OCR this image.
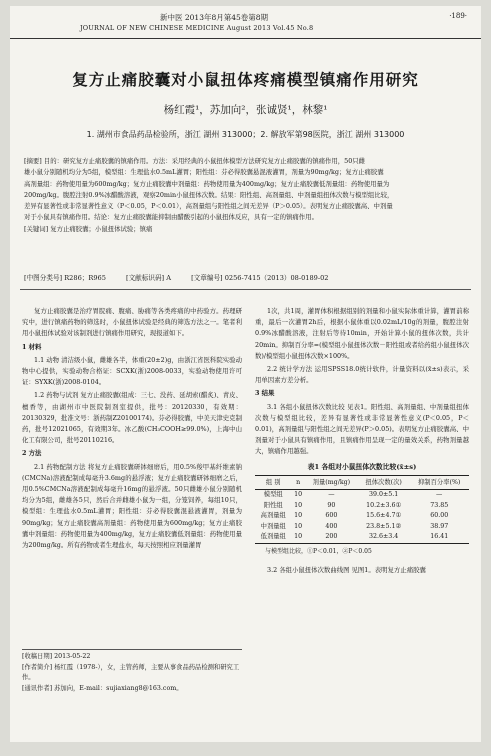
新中医 2013年8月第45卷第8期
JOURNAL OF NEW CHINESE MEDICINE August 2013 Vol.45 No.8
·189·
复方止痛胶囊对小鼠扭体疼痛模型镇痛作用研究
杨红霞¹，苏加向²，张诚贤¹，林黎¹
1. 湖州市食品药品检验所，浙江 湖州 313000；2. 解放军第98医院，浙江 湖州 313000
[摘要] 目的：研究复方止痛胶囊的镇痛作用。方法：采用经典的小鼠扭体模型方法研究复方止痛胶囊的镇痛作用，50只雌
雄小鼠分别随机均分为5组，模型组：生理盐水0.5mL灌胃；阳性组：芬必得胶囊悬混液灌胃，剂量为90mg/kg；复方止痛胶囊
高剂量组：药物使用量为600mg/kg；复方止痛胶囊中剂量组：药物使用量为400mg/kg；复方止痛胶囊低剂量组：药物使用量为
200mg/kg。腹腔注射0.9%冰醋酸溶液，观察20min小鼠扭体次数。结果：阳性组、高剂量组、中剂量组扭体次数与模型组比较，
差异有显著性或非常显著性意义（P＜0.05，P＜0.01），高剂量组与阳性组之间无差异（P＞0.05）。表明复方止痛胶囊高、中剂量
对于小鼠具有镇痛作用。结论：复方止痛胶囊能抑制由醋酸引起的小鼠扭体反应，具有一定的镇痛作用。
[关键词] 复方止痛胶囊；小鼠扭体试验；镇痛
[中图分类号] R286；R965	[文献标识码] A	[文章编号] 0256-7415（2013）08-0189-02

复方止痛胶囊是治疗胃脘痛、腹痛、胁痛等各类疼痛的中药验方。药理研究中，进行镇痛药物的筛选时，小鼠扭体试验是经典的筛选方法之一。笔者利用小鼠扭体试验对该制剂进行镇痛作用研究，现报道如下。

1 材料

1.1 动物 清洁级小鼠，雌雄各半，体重(20±2)g，由浙江省医科院实验动物中心提供，实验动物合格证：SCXK(浙)2008-0033，实验动物使用许可证：SYXK(浙)2008-0104。

1.2 药物与试剂 复方止痛胶囊(组成：三七、没药、延胡索(醋炙)、青皮、檀香等，由湖州市中医院制剂室提供，批号：20120330，有效期：20130329，批准文号：浙药制Z20100174)。芬必得胶囊，中美天津史克制药，批号12021065，有效期3年。冰乙酸(CH₃COOH≥99.0%)，上海中山化工有限公司，批号20110216。

2 方法

2.1 药物配制方法 将复方止痛胶囊研钵细磨后，用0.5%羧甲基纤维素钠(CMCNa)溶液配制成每毫升3.6mg的悬浮液；复方止痛胶囊研钵细磨之后，用0.5%CMCNa溶液配制成每毫升16mg的悬浮液。50只雌雄小鼠分别随机均分为5组，雌雄各5只，然后合并雌雄小鼠为一组，分笼饲养，每组10只，模型组：生理盐水0.5mL灌胃；阳性组：芬必得胶囊混悬液灌胃，剂量为90mg/kg；复方止痛胶囊高剂量组：药物使用量为600mg/kg；复方止痛胶囊中剂量组：药物使用量为400mg/kg，复方止痛胶囊低剂量组：药物使用量为200mg/kg。所有药物或者生理盐水，每天按照相应剂量灌胃

[收稿日期] 2013-05-22
[作者简介] 杨红霞（1978-），女，主管药师，主要从事食品药品检测和研究工作。
[通讯作者] 苏加向，E-mail：sujiaxiang8@163.com。

1次，共1周，灌胃体积根据组别的剂量和小鼠实际体重计算，灌胃前称重，最后一次灌胃2h后，根据小鼠体重以0.02mL/10g的剂量，腹腔注射0.9%冰醋酸溶液，注射后等待10min，开始计算小鼠的扭体次数，共计20min。抑制百分率=(模型组小鼠扭体次数－阳性组或者给药组小鼠扭体次数)/模型组小鼠扭体次数×100%。

2.2 统计学方法 运用SPSS18.0统计软件，计量资料以(x̄±s)表示，采用单因素方差分析。

3 结果

3.1 各组小鼠扭体次数比较 见表1。阳性组、高剂量组、中剂量组扭体次数与模型组比较，差异有显著性或非常显著性意义(P＜0.05，P＜0.01)，高剂量组与阳性组之间无差异(P＞0.05)。表明复方止痛胶囊高、中剂量对于小鼠具有镇痛作用，且镇痛作用呈现一定的量效关系，药物剂量越大，镇痛作用越强。

表1 各组对小鼠扭体次数比较(x̄±s)
组 别	n	剂量(mg/kg)	扭体次数(次)	抑制百分率(%)
模型组	10	—	39.0±5.1	—
阳性组	10	90	10.2±3.6①	73.85
高剂量组	10	600	15.6±4.7①	60.00
中剂量组	10	400	23.8±5.1②	38.97
低剂量组	10	200	32.6±3.4	16.41
与模型组比较，①P＜0.01，②P＜0.05

3.2 各组小鼠扭体次数曲线图 见图1。表明复方止痛胶囊
